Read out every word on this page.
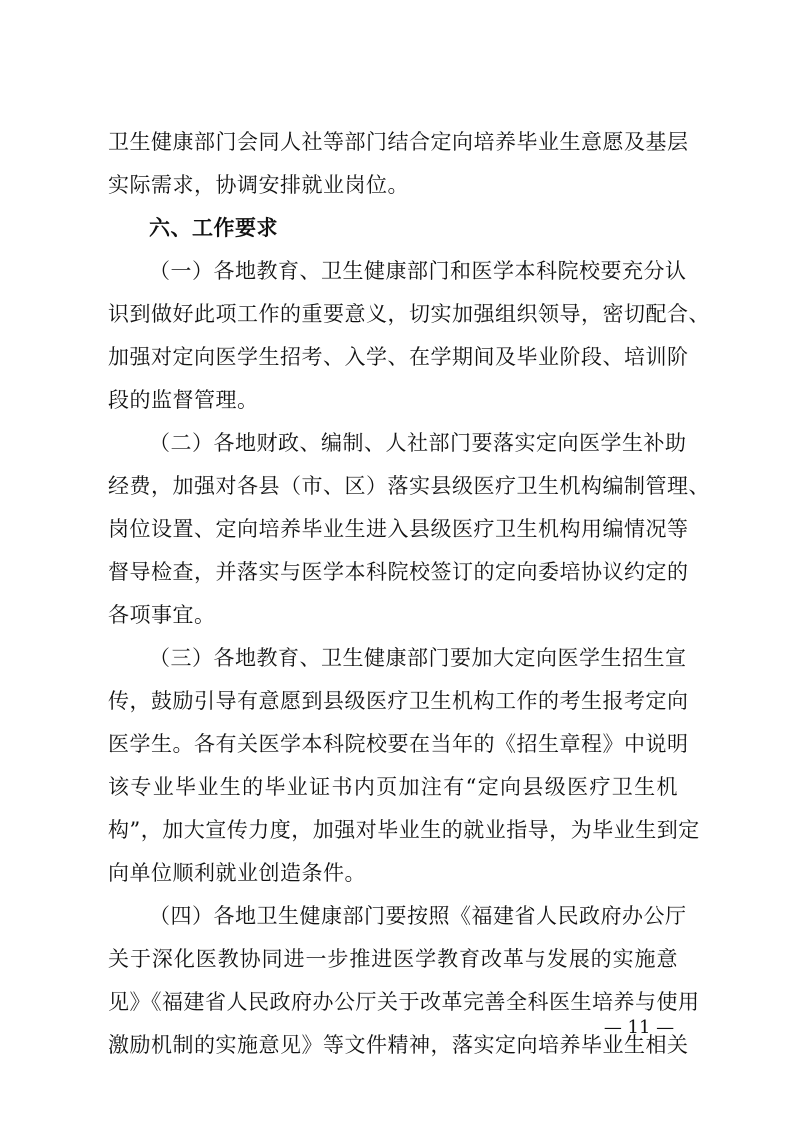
卫生健康部门会同人社等部门结合定向培养毕业生意愿及基层
实际需求，协调安排就业岗位。
六、工作要求
（一）各地教育、卫生健康部门和医学本科院校要充分认
识到做好此项工作的重要意义，切实加强组织领导，密切配合、
加强对定向医学生招考、入学、在学期间及毕业阶段、培训阶
段的监督管理。
（二）各地财政、编制、人社部门要落实定向医学生补助
经费，加强对各县（市、区）落实县级医疗卫生机构编制管理、
岗位设置、定向培养毕业生进入县级医疗卫生机构用编情况等
督导检查，并落实与医学本科院校签订的定向委培协议约定的
各项事宜。
（三）各地教育、卫生健康部门要加大定向医学生招生宣
传，鼓励引导有意愿到县级医疗卫生机构工作的考生报考定向
医学生。各有关医学本科院校要在当年的《招生章程》中说明
该专业毕业生的毕业证书内页加注有“定向县级医疗卫生机
构”，加大宣传力度，加强对毕业生的就业指导，为毕业生到定
向单位顺利就业创造条件。
（四）各地卫生健康部门要按照《福建省人民政府办公厅
关于深化医教协同进一步推进医学教育改革与发展的实施意
见》《福建省人民政府办公厅关于改革完善全科医生培养与使用
激励机制的实施意见》等文件精神，落实定向培养毕业生相关
— 11 —
